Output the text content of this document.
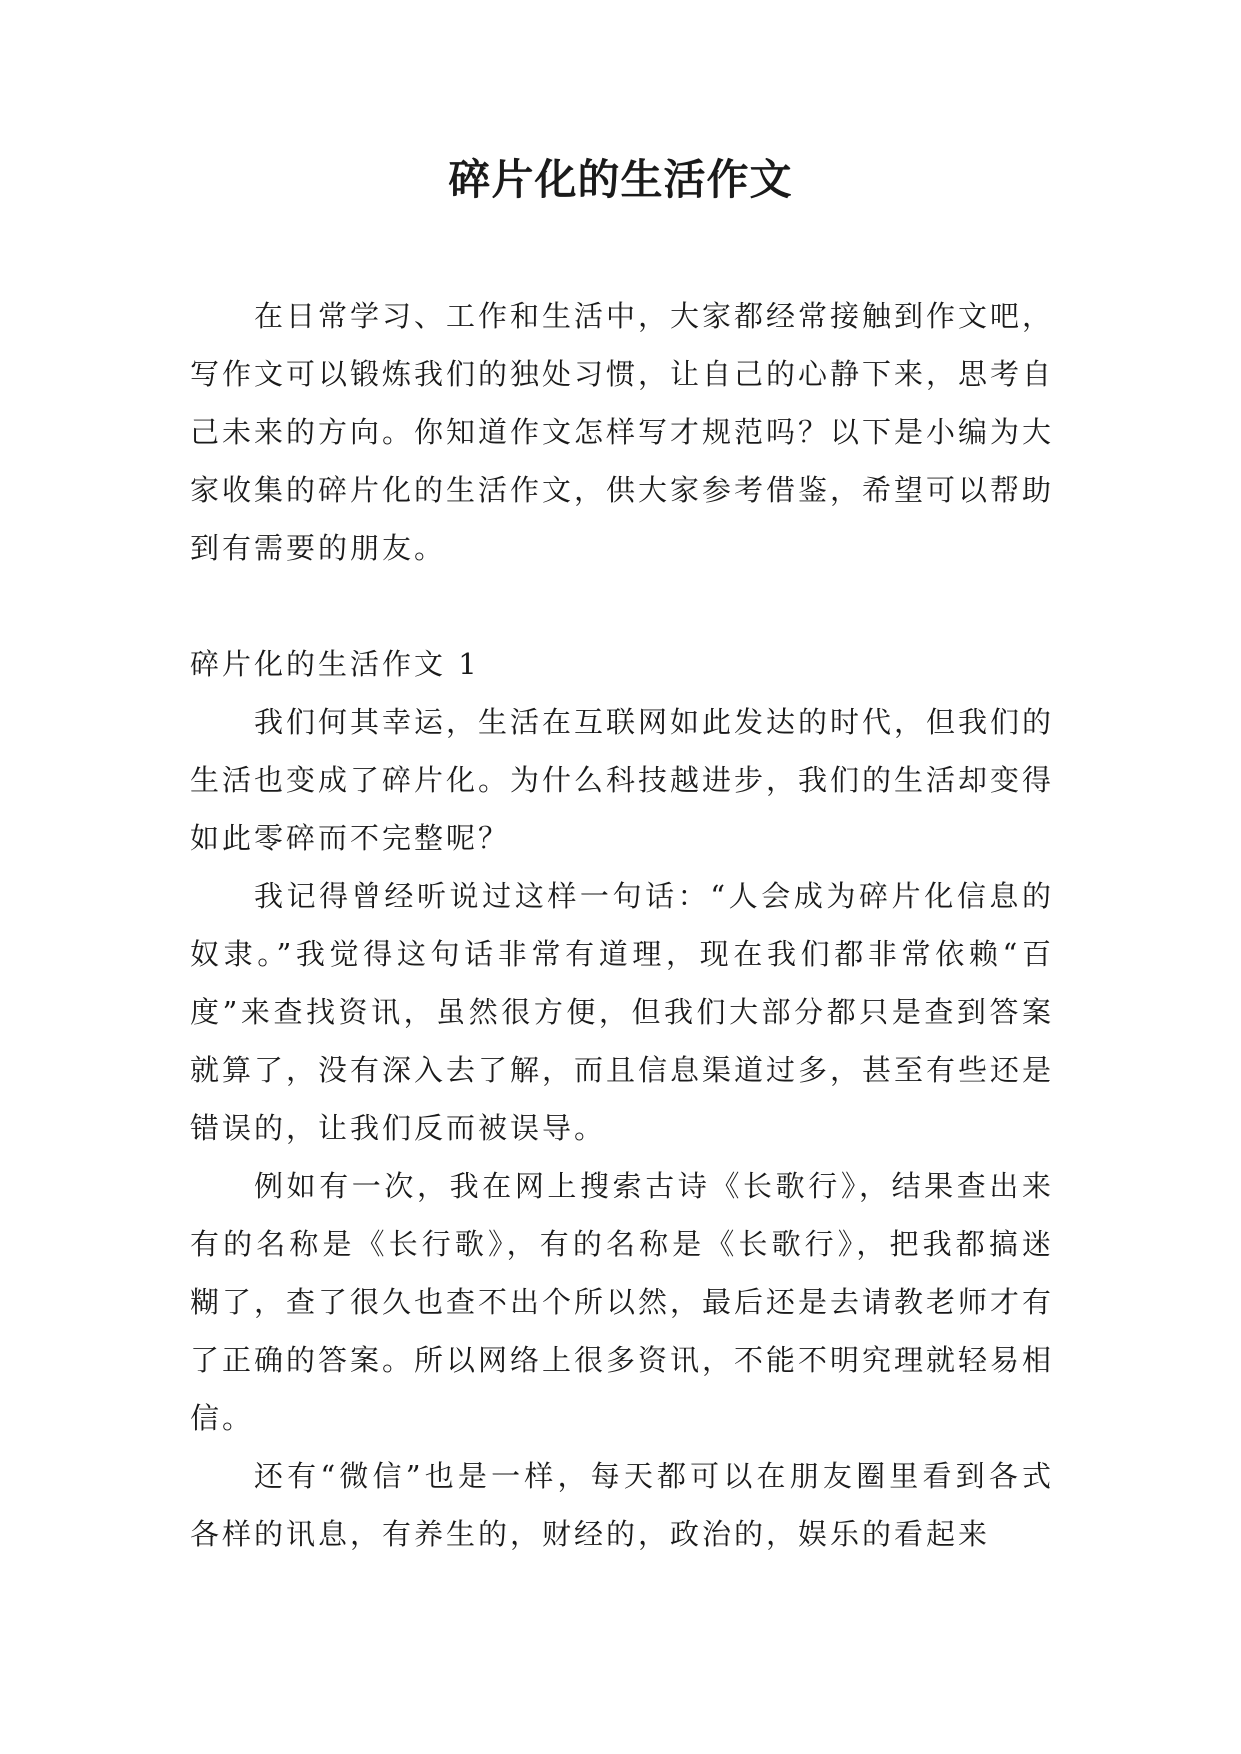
碎片化的生活作文

在日常学习、工作和生活中，大家都经常接触到作文吧，写作文可以锻炼我们的独处习惯，让自己的心静下来，思考自己未来的方向。你知道作文怎样写才规范吗？以下是小编为大家收集的碎片化的生活作文，供大家参考借鉴，希望可以帮助到有需要的朋友。

碎片化的生活作文 1

我们何其幸运，生活在互联网如此发达的时代，但我们的生活也变成了碎片化。为什么科技越进步，我们的生活却变得如此零碎而不完整呢？

我记得曾经听说过这样一句话：“人会成为碎片化信息的奴隶。”我觉得这句话非常有道理，现在我们都非常依赖“百度”来查找资讯，虽然很方便，但我们大部分都只是查到答案就算了，没有深入去了解，而且信息渠道过多，甚至有些还是错误的，让我们反而被误导。

例如有一次，我在网上搜索古诗《长歌行》，结果查出来有的名称是《长行歌》，有的名称是《长歌行》，把我都搞迷糊了，查了很久也查不出个所以然，最后还是去请教老师才有了正确的答案。所以网络上很多资讯，不能不明究理就轻易相信。

还有“微信”也是一样，每天都可以在朋友圈里看到各式各样的讯息，有养生的，财经的，政治的，娱乐的看起来
